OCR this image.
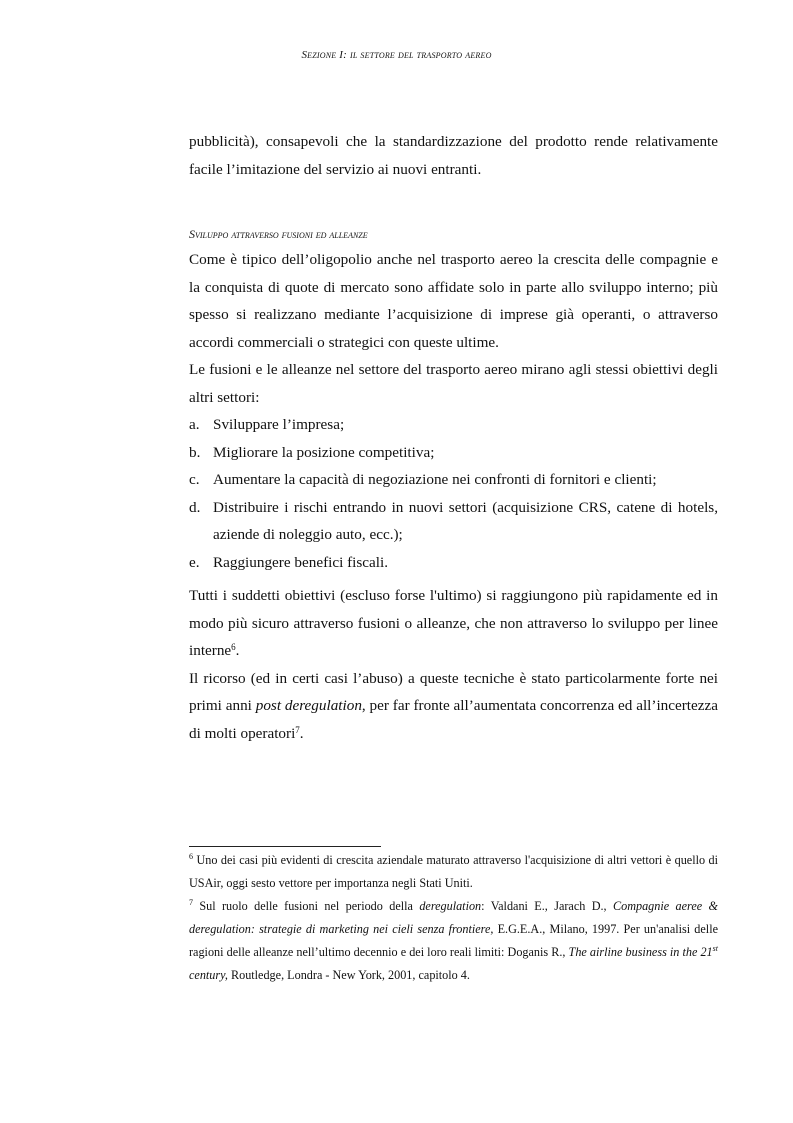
Sezione I: il settore del trasporto aereo

pubblicità), consapevoli che la standardizzazione del prodotto rende relativamente facile l’imitazione del servizio ai nuovi entranti.

Sviluppo attraverso fusioni ed alleanze

Come è tipico dell’oligopolio anche nel trasporto aereo la crescita delle compagnie e la conquista di quote di mercato sono affidate solo in parte allo sviluppo interno; più spesso si realizzano mediante l’acquisizione di imprese già operanti, o attraverso accordi commerciali o strategici con queste ultime.

Le fusioni e le alleanze nel settore del trasporto aereo mirano agli stessi obiettivi degli altri settori:

a. Sviluppare l’impresa;
b. Migliorare la posizione competitiva;
c. Aumentare la capacità di negoziazione nei confronti di fornitori e clienti;
d. Distribuire i rischi entrando in nuovi settori (acquisizione CRS, catene di hotels, aziende di noleggio auto, ecc.);
e. Raggiungere benefici fiscali.

Tutti i suddetti obiettivi (escluso forse l'ultimo) si raggiungono più rapidamente ed in modo più sicuro attraverso fusioni o alleanze, che non attraverso lo sviluppo per linee interne$^6$.

Il ricorso (ed in certi casi l’abuso) a queste tecniche è stato particolarmente forte nei primi anni post deregulation, per far fronte all’aumentata concorrenza ed all’incertezza di molti operatori$^7$.

$^6$ Uno dei casi più evidenti di crescita aziendale maturato attraverso l'acquisizione di altri vettori è quello di USAir, oggi sesto vettore per importanza negli Stati Uniti.

$^7$ Sul ruolo delle fusioni nel periodo della deregulation: Valdani E., Jarach D., Compagnie aeree & deregulation: strategie di marketing nei cieli senza frontiere, E.G.E.A., Milano, 1997. Per un'analisi delle ragioni delle alleanze nell’ultimo decennio e dei loro reali limiti: Doganis R., The airline business in the 21st century, Routledge, Londra - New York, 2001, capitolo 4.
